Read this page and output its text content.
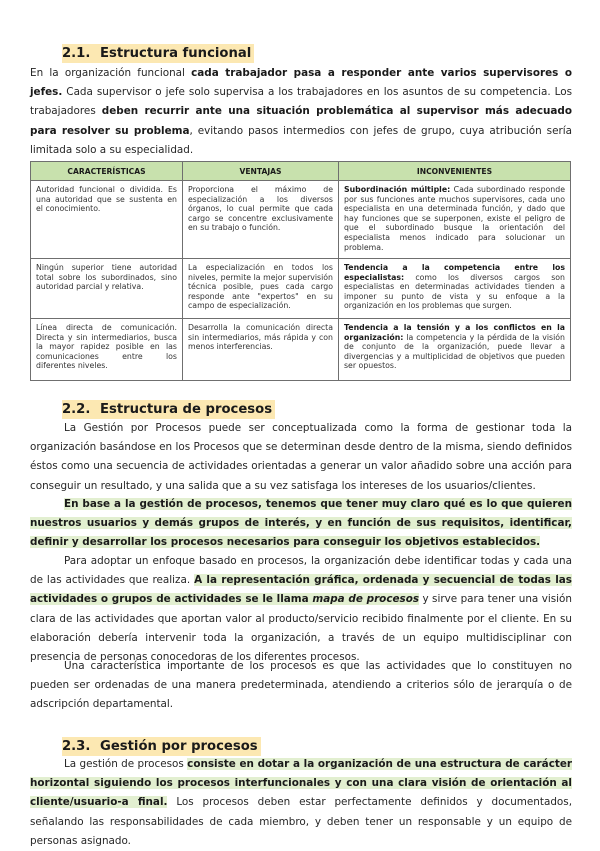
2.1. Estructura funcional

En la organización funcional cada trabajador pasa a responder ante varios supervisores o jefes. Cada supervisor o jefe solo supervisa a los trabajadores en los asuntos de su competencia. Los trabajadores deben recurrir ante una situación problemática al supervisor más adecuado para resolver su problema, evitando pasos intermedios con jefes de grupo, cuya atribución sería limitada solo a su especialidad.

CARACTERÍSTICAS	VENTAJAS	INCONVENIENTES
Autoridad funcional o dividida. Es una autoridad que se sustenta en el conocimiento.	Proporciona el máximo de especialización a los diversos órganos, lo cual permite que cada cargo se concentre exclusivamente en su trabajo o función.	Subordinación múltiple: Cada subordinado responde por sus funciones ante muchos supervisores, cada uno especialista en una determinada función, y dado que hay funciones que se superponen, existe el peligro de que el subordinado busque la orientación del especialista menos indicado para solucionar un problema.
Ningún superior tiene autoridad total sobre los subordinados, sino autoridad parcial y relativa.	La especialización en todos los niveles, permite la mejor supervisión técnica posible, pues cada cargo responde ante "expertos" en su campo de especialización.	Tendencia a la competencia entre los especialistas: como los diversos cargos son especialistas en determinadas actividades tienden a imponer su punto de vista y su enfoque a la organización en los problemas que surgen.
Línea directa de comunicación. Directa y sin intermediarios, busca la mayor rapidez posible en las comunicaciones entre los diferentes niveles.	Desarrolla la comunicación directa sin intermediarios, más rápida y con menos interferencias.	Tendencia a la tensión y a los conflictos en la organización: la competencia y la pérdida de la visión de conjunto de la organización, puede llevar a divergencias y a multiplicidad de objetivos que pueden ser opuestos.
2.2. Estructura de procesos

La Gestión por Procesos puede ser conceptualizada como la forma de gestionar toda la organización basándose en los Procesos que se determinan desde dentro de la misma, siendo definidos éstos como una secuencia de actividades orientadas a generar un valor añadido sobre una acción para conseguir un resultado, y una salida que a su vez satisfaga los intereses de los usuarios/clientes.

En base a la gestión de procesos, tenemos que tener muy claro qué es lo que quieren nuestros usuarios y demás grupos de interés, y en función de sus requisitos, identificar, definir y desarrollar los procesos necesarios para conseguir los objetivos establecidos.

Para adoptar un enfoque basado en procesos, la organización debe identificar todas y cada una de las actividades que realiza. A la representación gráfica, ordenada y secuencial de todas las actividades o grupos de actividades se le llama mapa de procesos y sirve para tener una visión clara de las actividades que aportan valor al producto/servicio recibido finalmente por el cliente. En su elaboración debería intervenir toda la organización, a través de un equipo multidisciplinar con presencia de personas conocedoras de los diferentes procesos.

Una característica importante de los procesos es que las actividades que lo constituyen no pueden ser ordenadas de una manera predeterminada, atendiendo a criterios sólo de jerarquía o de adscripción departamental.

2.3. Gestión por procesos

La gestión de procesos consiste en dotar a la organización de una estructura de carácter horizontal siguiendo los procesos interfuncionales y con una clara visión de orientación al cliente/usuario-a final. Los procesos deben estar perfectamente definidos y documentados, señalando las responsabilidades de cada miembro, y deben tener un responsable y un equipo de personas asignado.
